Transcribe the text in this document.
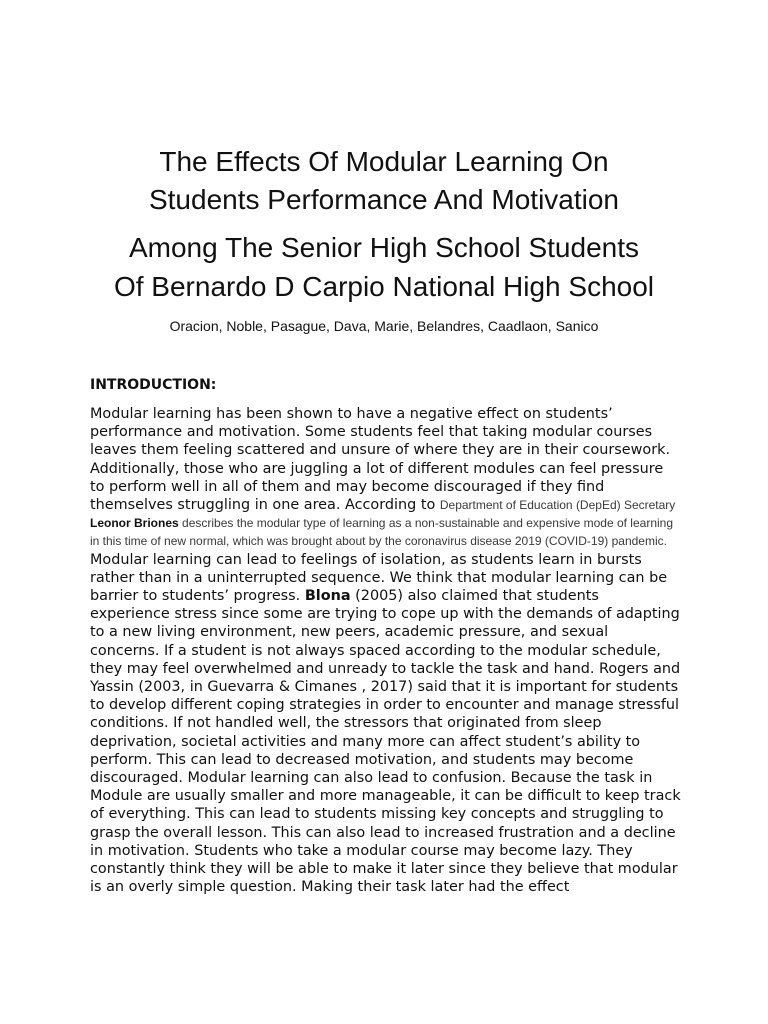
The Effects Of Modular Learning On
Students Performance And Motivation
Among The Senior High School Students
Of Bernardo D Carpio National High School
Oracion, Noble, Pasague, Dava, Marie, Belandres, Caadlaon, Sanico
INTRODUCTION:
Modular learning has been shown to have a negative effect on students’ performance and motivation. Some students feel that taking modular courses leaves them feeling scattered and unsure of where they are in their coursework. Additionally, those who are juggling a lot of different modules can feel pressure to perform well in all of them and may become discouraged if they find themselves struggling in one area. According to Department of Education (DepEd) Secretary Leonor Briones describes the modular type of learning as a non-sustainable and expensive mode of learning in this time of new normal, which was brought about by the coronavirus disease 2019 (COVID-19) pandemic. Modular learning can lead to feelings of isolation, as students learn in bursts rather than in a uninterrupted sequence. We think that modular learning can be barrier to students’ progress. Blona (2005) also claimed that students experience stress since some are trying to cope up with the demands of adapting to a new living environment, new peers, academic pressure, and sexual concerns. If a student is not always spaced according to the modular schedule, they may feel overwhelmed and unready to tackle the task and hand. Rogers and Yassin (2003, in Guevarra & Cimanes , 2017) said that it is important for students to develop different coping strategies in order to encounter and manage stressful conditions. If not handled well, the stressors that originated from sleep deprivation, societal activities and many more can affect student’s ability to perform. This can lead to decreased motivation, and students may become discouraged. Modular learning can also lead to confusion. Because the task in Module are usually smaller and more manageable, it can be difficult to keep track of everything. This can lead to students missing key concepts and struggling to grasp the overall lesson. This can also lead to increased frustration and a decline in motivation. Students who take a modular course may become lazy. They constantly think they will be able to make it later since they believe that modular is an overly simple question. Making their task later had the effect
